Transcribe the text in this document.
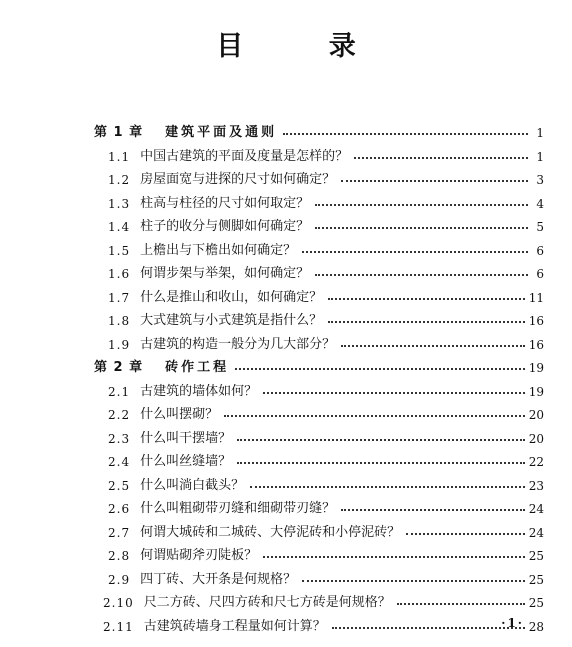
目 录
第 1 章 建筑平面及通则	1
1.1 中国古建筑的平面及度量是怎样的？	1
1.2 房屋面宽与进探的尺寸如何确定？	3
1.3 柱高与柱径的尺寸如何取定？	4
1.4 柱子的收分与侧脚如何确定？	5
1.5 上檐出与下檐出如何确定？	6
1.6 何谓步架与举架，如何确定？	6
1.7 什么是推山和收山，如何确定？	11
1.8 大式建筑与小式建筑是指什么？	16
1.9 古建筑的构造一般分为几大部分？	16
第 2 章 砖作工程	19
2.1 古建筑的墙体如何？	19
2.2 什么叫摆砌？	20
2.3 什么叫干摆墙？	20
2.4 什么叫丝缝墙？	22
2.5 什么叫淌白截头？	23
2.6 什么叫粗砌带刃缝和细砌带刃缝？	24
2.7 何谓大城砖和二城砖、大停泥砖和小停泥砖？	24
2.8 何谓贴砌斧刃陡板？	25
2.9 四丁砖、大开条是何规格？	25
2.10 尺二方砖、尺四方砖和尺七方砖是何规格？	25
2.11 古建筑砖墙身工程量如何计算？	28
·1·
